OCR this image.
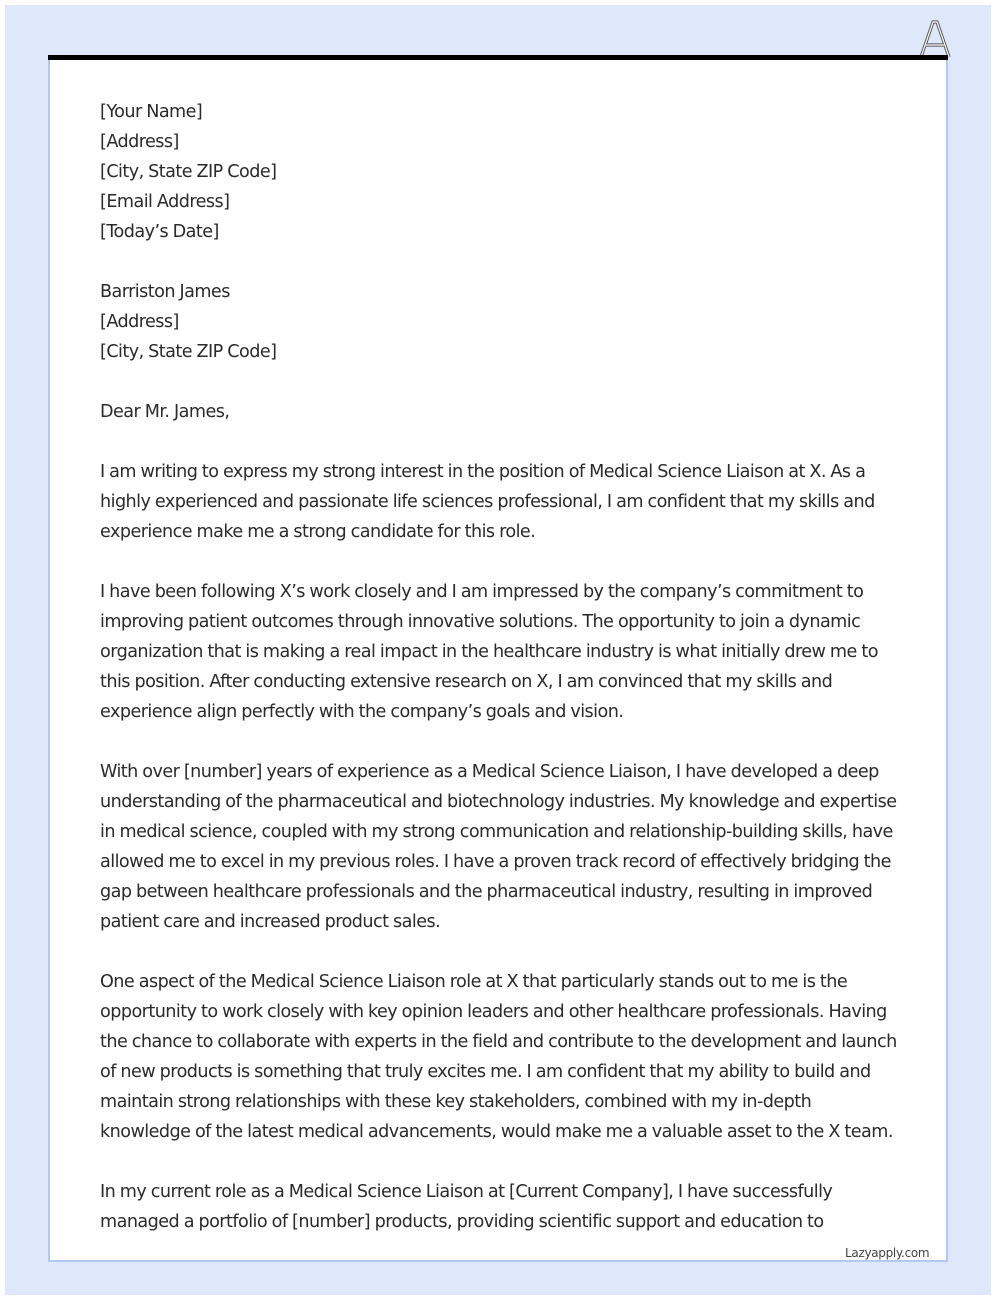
[Your Name]
[Address]
[City, State ZIP Code]
[Email Address]
[Today’s Date]

Barriston James
[Address]
[City, State ZIP Code]

Dear Mr. James,

I am writing to express my strong interest in the position of Medical Science Liaison at X. As a highly experienced and passionate life sciences professional, I am confident that my skills and experience make me a strong candidate for this role.

I have been following X’s work closely and I am impressed by the company’s commitment to improving patient outcomes through innovative solutions. The opportunity to join a dynamic organization that is making a real impact in the healthcare industry is what initially drew me to this position. After conducting extensive research on X, I am convinced that my skills and experience align perfectly with the company’s goals and vision.

With over [number] years of experience as a Medical Science Liaison, I have developed a deep understanding of the pharmaceutical and biotechnology industries. My knowledge and expertise in medical science, coupled with my strong communication and relationship-building skills, have allowed me to excel in my previous roles. I have a proven track record of effectively bridging the gap between healthcare professionals and the pharmaceutical industry, resulting in improved patient care and increased product sales.

One aspect of the Medical Science Liaison role at X that particularly stands out to me is the opportunity to work closely with key opinion leaders and other healthcare professionals. Having the chance to collaborate with experts in the field and contribute to the development and launch of new products is something that truly excites me. I am confident that my ability to build and maintain strong relationships with these key stakeholders, combined with my in-depth knowledge of the latest medical advancements, would make me a valuable asset to the X team.

In my current role as a Medical Science Liaison at [Current Company], I have successfully managed a portfolio of [number] products, providing scientific support and education to

Lazyapply.com
